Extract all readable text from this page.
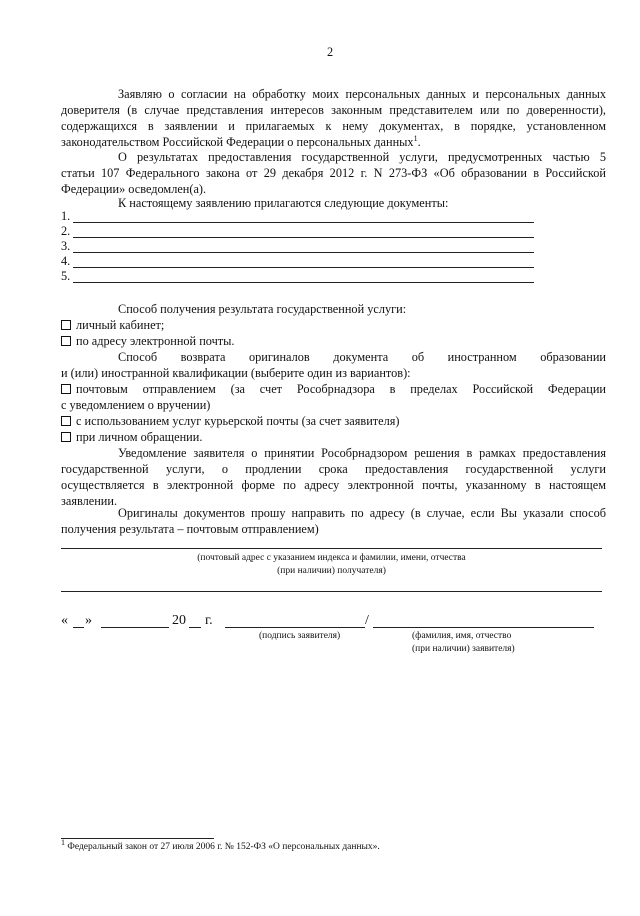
2
Заявляю о согласии на обработку моих персональных данных и персональных данных
доверителя (в случае представления интересов законным представителем или по доверенности),
содержащихся в заявлении и прилагаемых к нему документах, в порядке, установленном
законодательством Российской Федерации о персональных данных$^1$.
О результатах предоставления государственной услуги, предусмотренных частью 5
статьи 107 Федерального закона от 29 декабря 2012 г. N 273-ФЗ «Об образовании в Российской
Федерации» осведомлен(а).
К настоящему заявлению прилагаются следующие документы:
1.
2.
3.
4.
5.
Способ получения результата государственной услуги:
личный кабинет;
по адресу электронной почты.
Способ возврата оригиналов документа об иностранном образовании
и (или) иностранной квалификации (выберите один из вариантов):
почтовым отправлением (за счет Рособрнадзора в пределах Российской Федерации
с уведомлением о вручении)
с использованием услуг курьерской почты (за счет заявителя)
при личном обращении.
Уведомление заявителя о принятии Рособрнадзором решения в рамках предоставления
государственной услуги, о продлении срока предоставления государственной услуги
осуществляется в электронной форме по адресу электронной почты, указанному в настоящем
заявлении.
Оригиналы документов прошу направить по адресу (в случае, если Вы указали способ
получения результата – почтовым отправлением)
(почтовый адрес с указанием индекса и фамилии, имени, отчества
(при наличии) получателя)
« »	20 г.	/
(подпись заявителя)	(фамилия, имя, отчество
(при наличии) заявителя)
$^1$ Федеральный закон от 27 июля 2006 г. № 152-ФЗ «О персональных данных».
